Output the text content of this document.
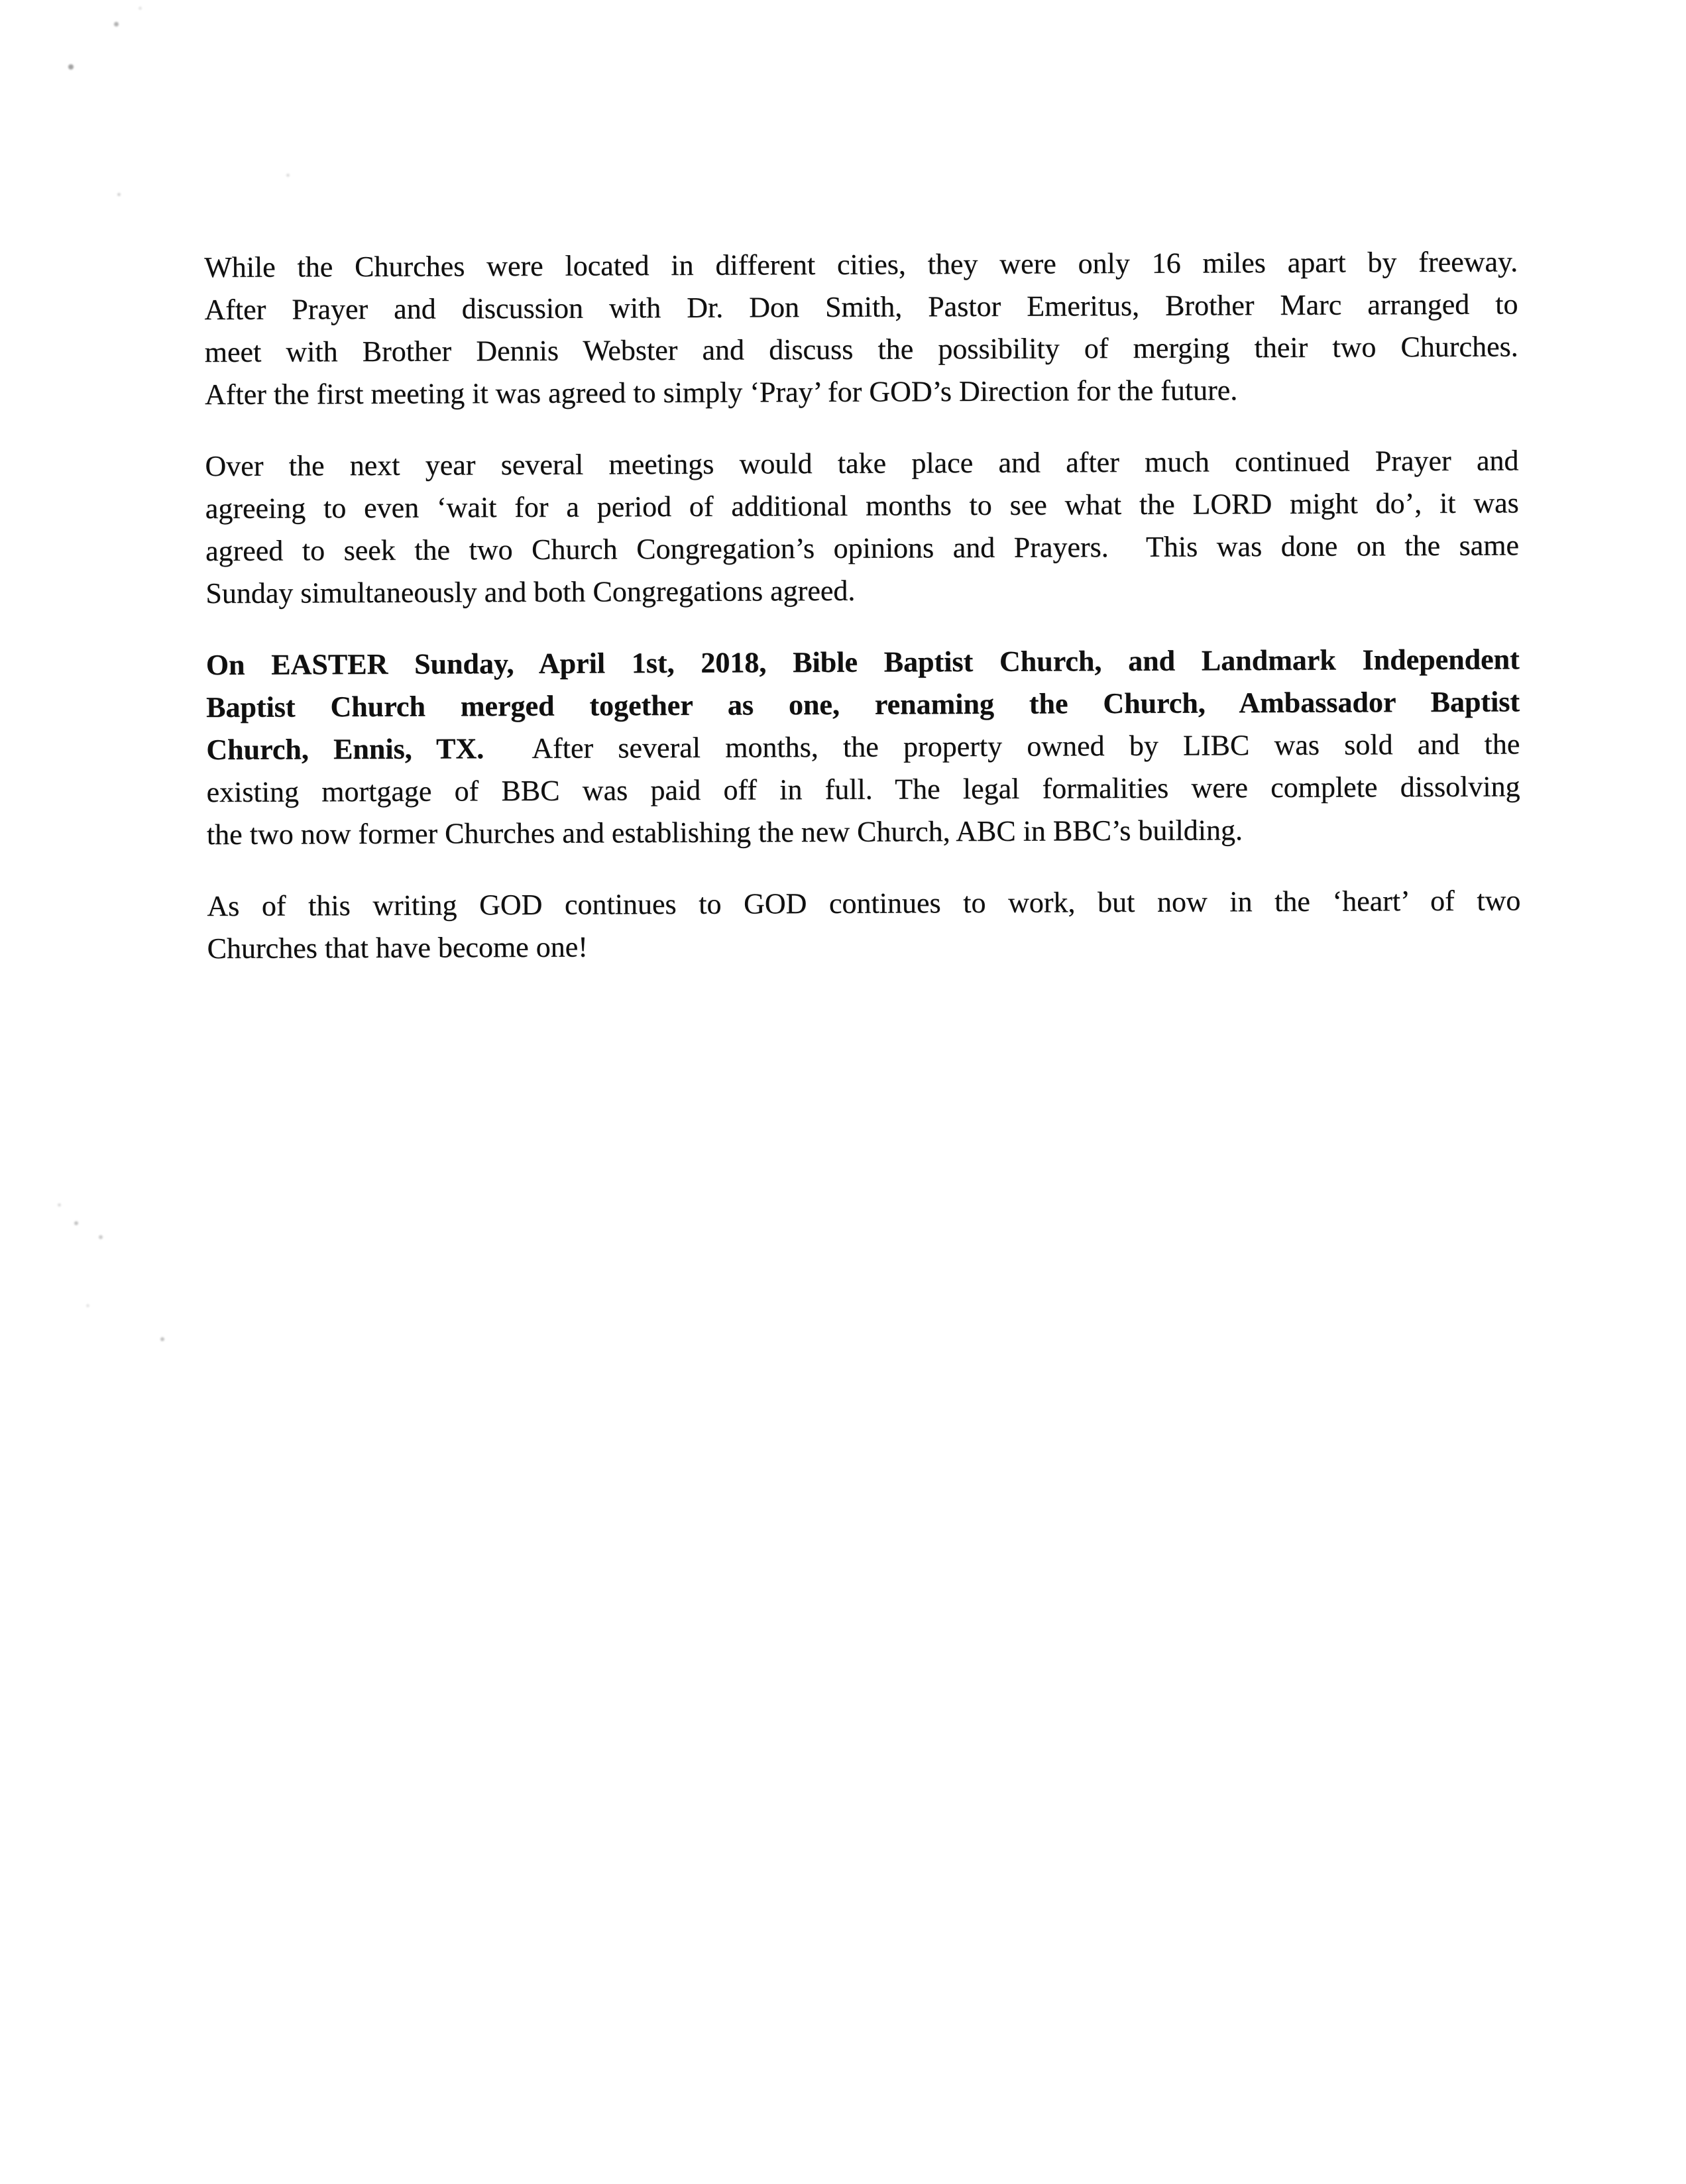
While the Churches were located in different cities, they were only 16 miles apart by freeway.
After Prayer and discussion with Dr. Don Smith, Pastor Emeritus, Brother Marc arranged to
meet with Brother Dennis Webster and discuss the possibility of merging their two Churches.
After the first meeting it was agreed to simply ‘Pray’ for GOD’s Direction for the future.
Over the next year several meetings would take place and after much continued Prayer and
agreeing to even ‘wait for a period of additional months to see what the LORD might do’, it was
agreed to seek the two Church Congregation’s opinions and Prayers.  This was done on the same
Sunday simultaneously and both Congregations agreed.
On EASTER Sunday, April 1st, 2018, Bible Baptist Church, and Landmark Independent
Baptist Church merged together as one, renaming the Church, Ambassador Baptist
Church, Ennis, TX.  After several months, the property owned by LIBC was sold and the
existing mortgage of BBC was paid off in full. The legal formalities were complete dissolving
the two now former Churches and establishing the new Church, ABC in BBC’s building.
As of this writing GOD continues to GOD continues to work, but now in the ‘heart’ of two
Churches that have become one!
